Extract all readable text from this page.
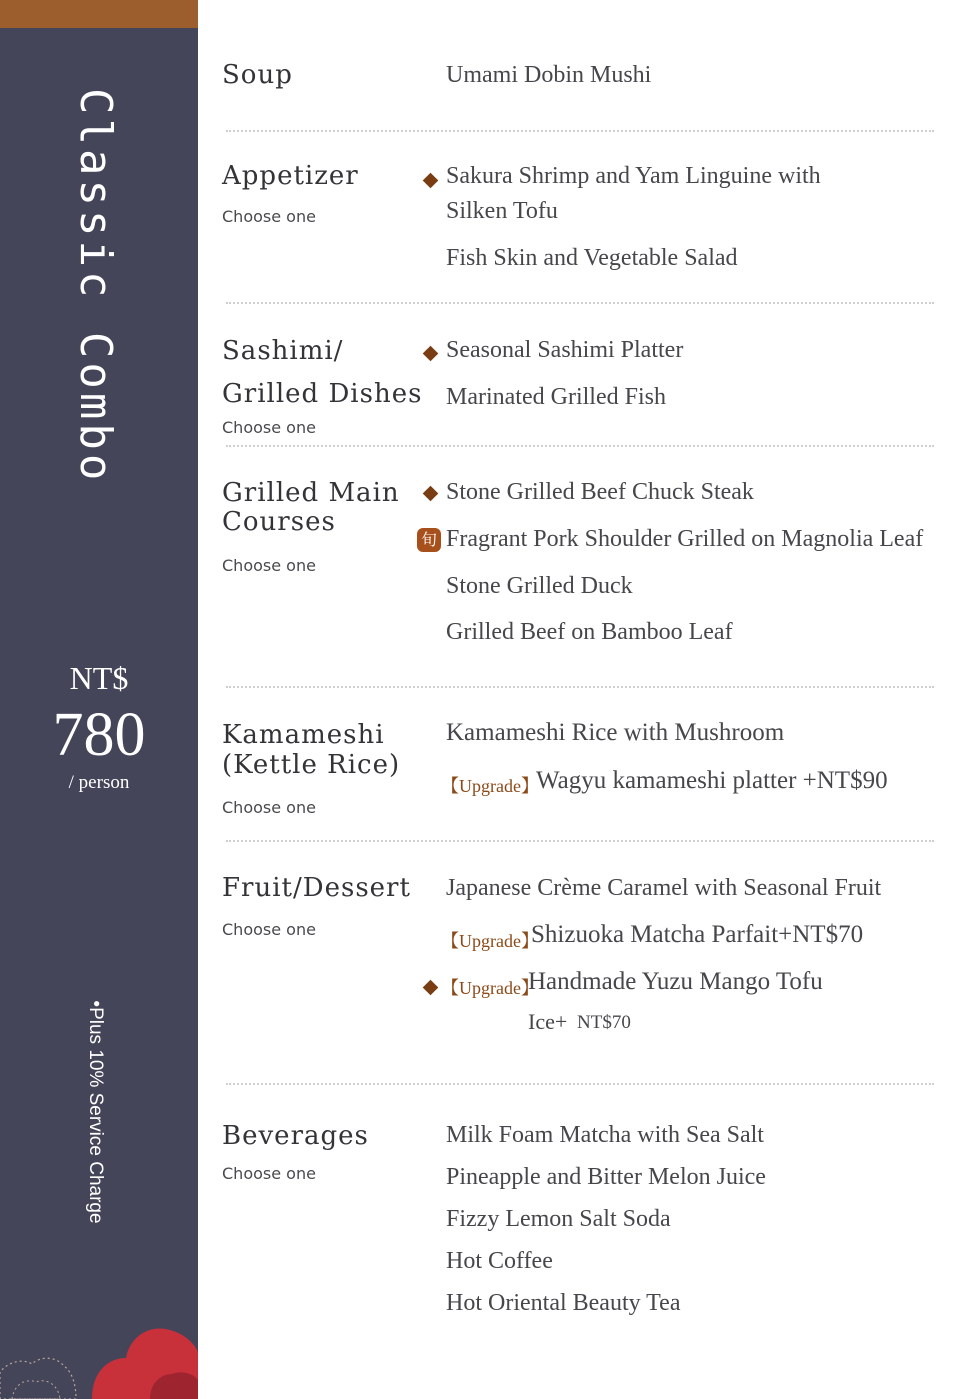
Classic Combo
NT$
780
/ person
•Plus 10% Service Charge
Soup	Umami Dobin Mushi
Appetizer
Choose one
Sakura Shrimp and Yam Linguine with
Silken Tofu
Fish Skin and Vegetable Salad
Sashimi/
Grilled Dishes
Choose one
Seasonal Sashimi Platter
Marinated Grilled Fish
Grilled Main
Courses
Choose one
Stone Grilled Beef Chuck Steak
旬 Fragrant Pork Shoulder Grilled on Magnolia Leaf
Stone Grilled Duck
Grilled Beef on Bamboo Leaf
Kamameshi
(Kettle Rice)
Choose one
Kamameshi Rice with Mushroom
【Upgrade】
Wagyu kamameshi platter +NT$90
Fruit/Dessert
Choose one
Japanese Crème Caramel with Seasonal Fruit
【Upgrade】
Shizuoka Matcha Parfait+NT$70
【Upgrade】
Handmade Yuzu Mango Tofu
Ice+ NT$70
Beverages
Choose one
Milk Foam Matcha with Sea Salt
Pineapple and Bitter Melon Juice
Fizzy Lemon Salt Soda
Hot Coffee
Hot Oriental Beauty Tea
